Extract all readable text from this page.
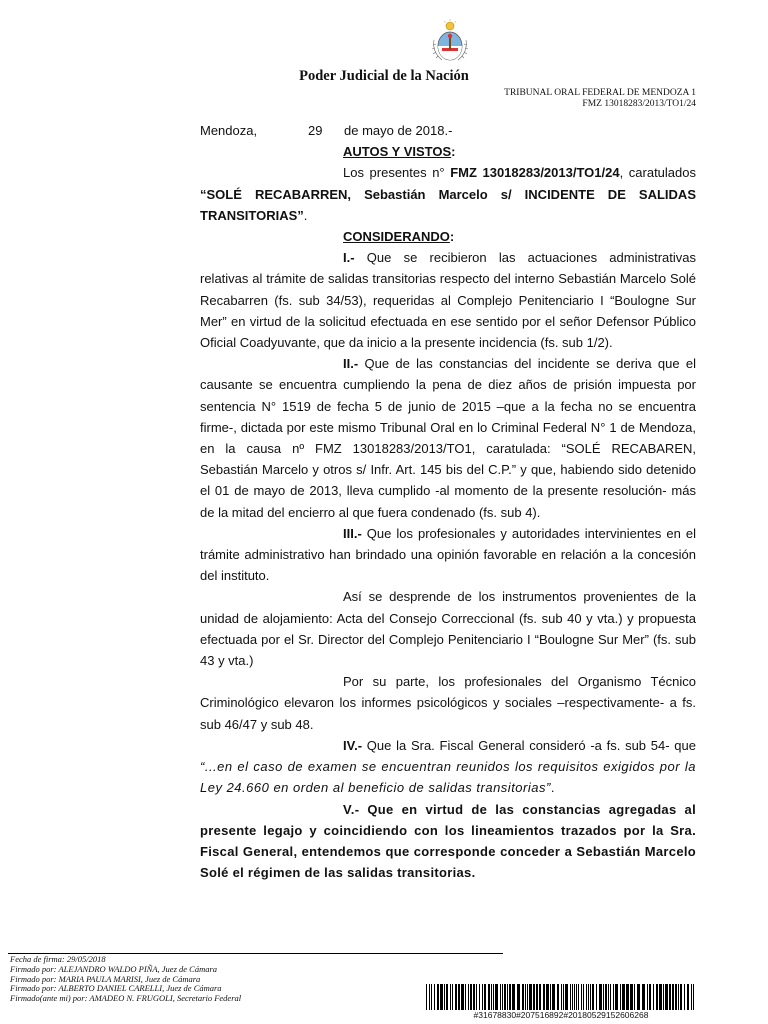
Poder Judicial de la Nación
TRIBUNAL ORAL FEDERAL DE MENDOZA 1
FMZ 13018283/2013/TO1/24
Mendoza,	29	de mayo de 2018.-

AUTOS Y VISTOS:

Los presentes n° FMZ 13018283/2013/TO1/24, caratulados “SOLÉ RECABARREN, Sebastián Marcelo s/ INCIDENTE DE SALIDAS TRANSITORIAS”.

CONSIDERANDO:

I.- Que se recibieron las actuaciones administrativas relativas al trámite de salidas transitorias respecto del interno Sebastián Marcelo Solé Recabarren (fs. sub 34/53), requeridas al Complejo Penitenciario I “Boulogne Sur Mer” en virtud de la solicitud efectuada en ese sentido por el señor Defensor Público Oficial Coadyuvante, que da inicio a la presente incidencia (fs. sub 1/2).

II.- Que de las constancias del incidente se deriva que el causante se encuentra cumpliendo la pena de diez años de prisión impuesta por sentencia N° 1519 de fecha 5 de junio de 2015 –que a la fecha no se encuentra firme-, dictada por este mismo Tribunal Oral en lo Criminal Federal N° 1 de Mendoza, en la causa nº FMZ 13018283/2013/TO1, caratulada: “SOLÉ RECABAREN, Sebastián Marcelo y otros s/ Infr. Art. 145 bis del C.P.” y que, habiendo sido detenido el 01 de mayo de 2013, lleva cumplido -al momento de la presente resolución- más de la mitad del encierro al que fuera condenado (fs. sub 4).

III.- Que los profesionales y autoridades intervinientes en el trámite administrativo han brindado una opinión favorable en relación a la concesión del instituto.

Así se desprende de los instrumentos provenientes de la unidad de alojamiento: Acta del Consejo Correccional (fs. sub 40 y vta.) y propuesta efectuada por el Sr. Director del Complejo Penitenciario I “Boulogne Sur Mer” (fs. sub 43 y vta.)

Por su parte, los profesionales del Organismo Técnico Criminológico elevaron los informes psicológicos y sociales –respectivamente- a fs. sub 46/47 y sub 48.

IV.- Que la Sra. Fiscal General consideró -a fs. sub 54- que “...en el caso de examen se encuentran reunidos los requisitos exigidos por la Ley 24.660 en orden al beneficio de salidas transitorias”.

V.- Que en virtud de las constancias agregadas al presente legajo y coincidiendo con los lineamientos trazados por la Sra. Fiscal General, entendemos que corresponde conceder a Sebastián Marcelo Solé el régimen de las salidas transitorias.

Fecha de firma: 29/05/2018
Firmado por: ALEJANDRO WALDO PIÑA, Juez de Cámara
Firmado por: MARIA PAULA MARISI, Juez de Cámara
Firmado por: ALBERTO DANIEL CARELLI, Juez de Cámara
Firmado(ante mi) por: AMADEO N. FRUGOLI, Secretario Federal
#31678830#207516892#20180529152606268
